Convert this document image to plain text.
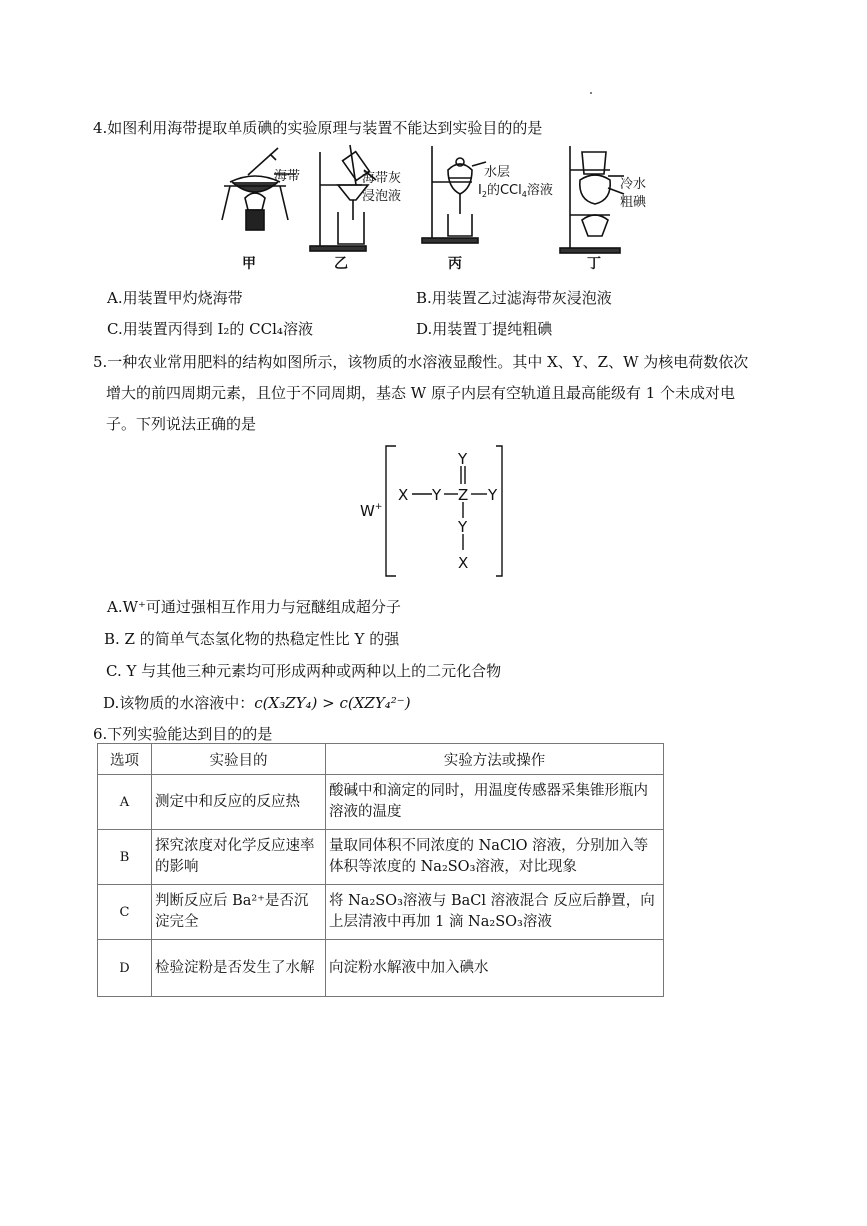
4.如图利用海带提取单质碘的实验原理与装置不能达到实验目的的是
海带	海带灰
浸泡液
水层
$I_2$的CCl$_4$溶液	冷水
粗碘
甲	乙	丙	丁
A.用装置甲灼烧海带	B.用装置乙过滤海带灰浸泡液
C.用装置丙得到 I₂的 CCl₄溶液	D.用装置丁提纯粗碘
5.一种农业常用肥料的结构如图所示，该物质的水溶液显酸性。其中 X、Y、Z、W 为核电荷数依次
增大的前四周期元素，且位于不同周期，基态 W 原子内层有空轨道且最高能级有 1 个未成对电
子。下列说法正确的是
W+
X Y Z Y
Y
Y
X
A.W⁺可通过强相互作用力与冠醚组成超分子
B. Z 的简单气态氢化物的热稳定性比 Y 的强
C. Y 与其他三种元素均可形成两种或两种以上的二元化合物
D.该物质的水溶液中：c(X₃ZY₄) > c(XZY₄²⁻)
6.下列实验能达到目的的是
选项	实验目的	实验方法或操作
A	测定中和反应的反应热	酸碱中和滴定的同时，用温度传感器采集锥形瓶内溶液的温度
B	探究浓度对化学反应速率的影响	量取同体积不同浓度的 NaClO 溶液，分别加入等体积等浓度的 Na₂SO₃溶液，对比现象
C	判断反应后 Ba²⁺是否沉淀完全	将 Na₂SO₃溶液与 BaCl 溶液混合 反应后静置，向上层清液中再加 1 滴 Na₂SO₃溶液
D	检验淀粉是否发生了水解	向淀粉水解液中加入碘水
